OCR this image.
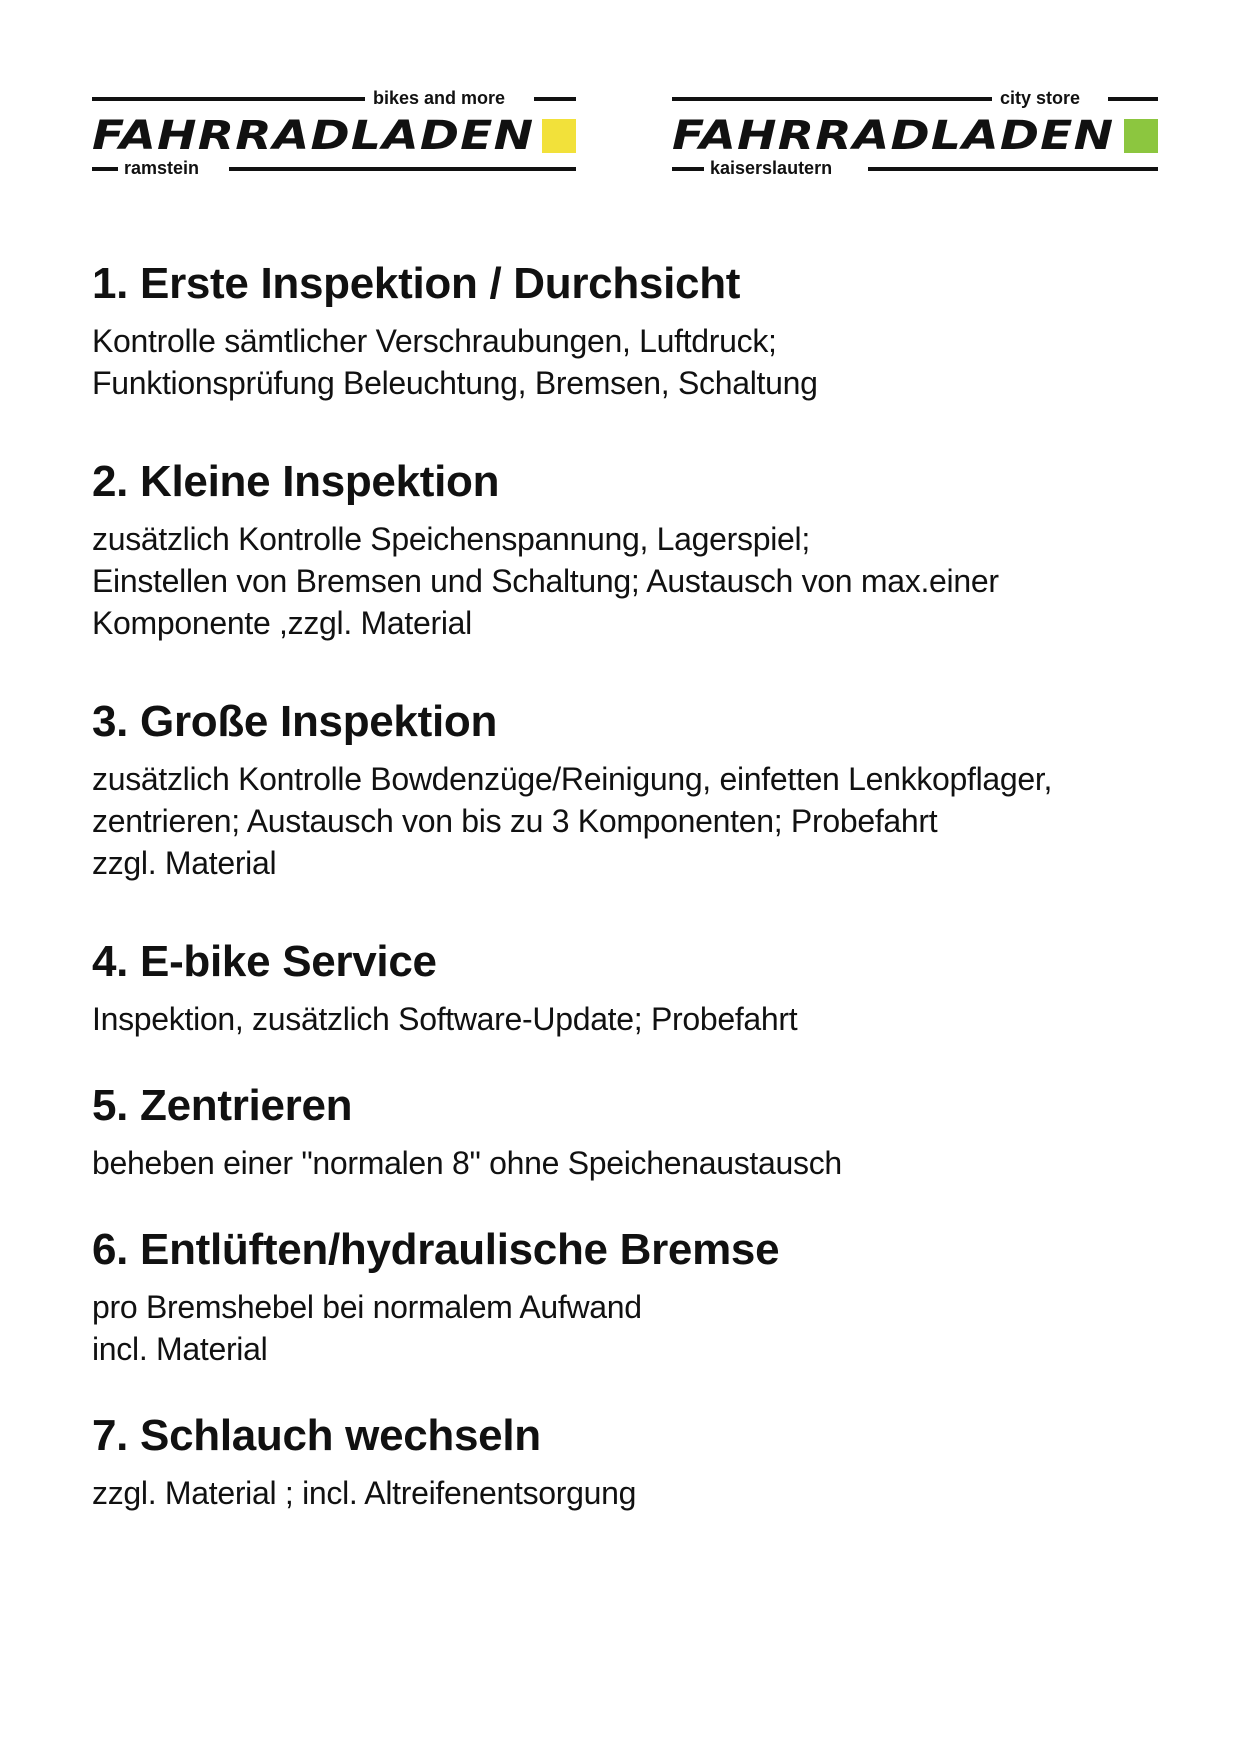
bikes and more
FAHRRADLADEN
ramstein
city store
FAHRRADLADEN
kaiserslautern
1. Erste Inspektion / Durchsicht

Kontrolle sämtlicher Verschraubungen, Luftdruck;
Funktionsprüfung Beleuchtung, Bremsen, Schaltung

2. Kleine Inspektion

zusätzlich Kontrolle Speichenspannung, Lagerspiel;
Einstellen von Bremsen und Schaltung; Austausch von max.einer
Komponente ,zzgl. Material

3. Große Inspektion

zusätzlich Kontrolle Bowdenzüge/Reinigung, einfetten Lenkkopflager,
zentrieren; Austausch von bis zu 3 Komponenten; Probefahrt
zzgl. Material

4. E-bike Service

Inspektion, zusätzlich Software-Update; Probefahrt

5. Zentrieren

beheben einer "normalen 8" ohne Speichenaustausch

6. Entlüften/hydraulische Bremse

pro Bremshebel bei normalem Aufwand
incl. Material

7. Schlauch wechseln

zzgl. Material ; incl. Altreifenentsorgung
